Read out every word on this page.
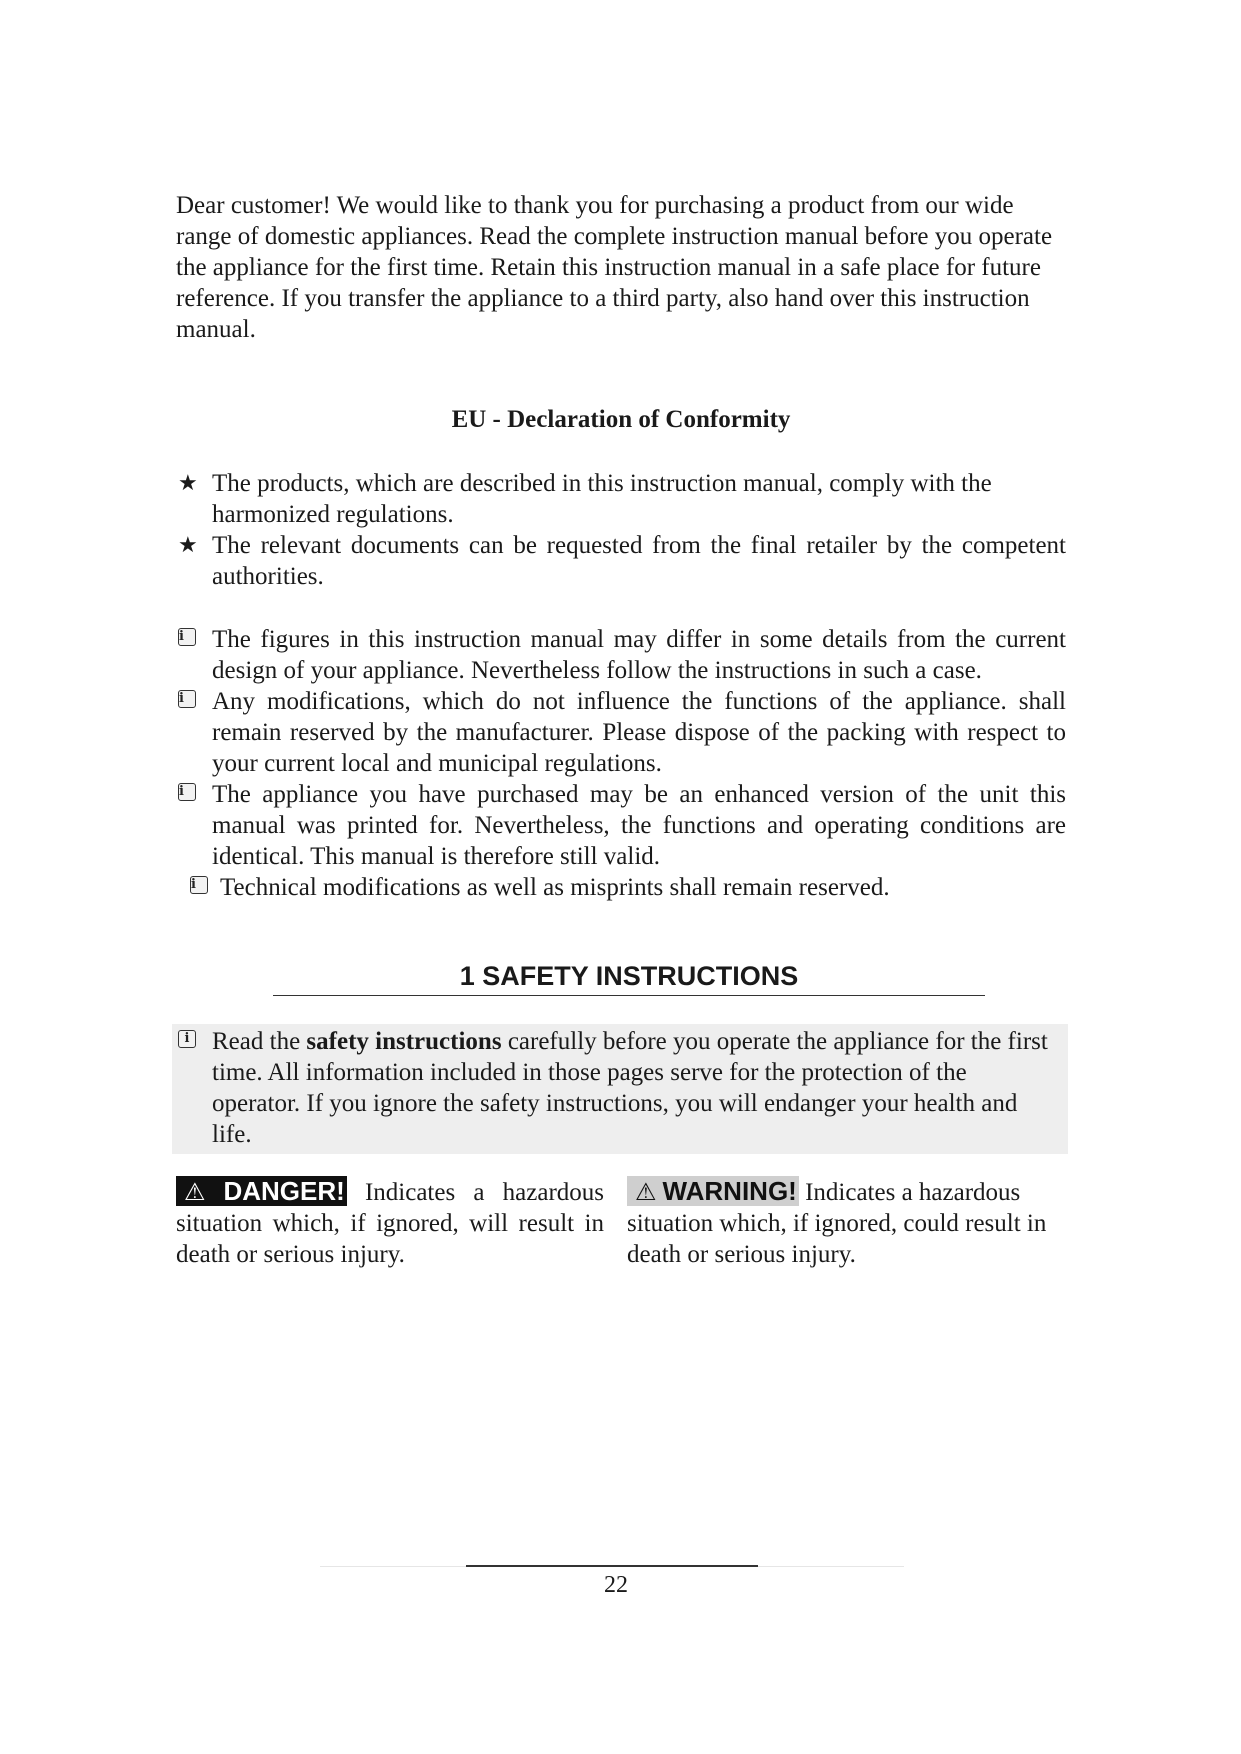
Dear customer! We would like to thank you for purchasing a product from our wide range of domestic appliances. Read the complete instruction manual before you operate the appliance for the first time. Retain this instruction manual in a safe place for future reference. If you transfer the appliance to a third party, also hand over this instruction manual.

EU - Declaration of Conformity
★ The products, which are described in this instruction manual, comply with the harmonized regulations.
★ The relevant documents can be requested from the final retailer by the competent authorities.
i	The figures in this instruction manual may differ in some details from the current design of your appliance. Nevertheless follow the instructions in such a case.
i	Any modifications, which do not influence the functions of the appliance. shall remain reserved by the manufacturer. Please dispose of the packing with respect to your current local and municipal regulations.
i	The appliance you have purchased may be an enhanced version of the unit this manual was printed for. Nevertheless, the functions and operating conditions are identical. This manual is therefore still valid.
i Technical modifications as well as misprints shall remain reserved.
1 SAFETY INSTRUCTIONS

i Read the safety instructions carefully before you operate the appliance for the first time. All information included in those pages serve for the protection of the operator. If you ignore the safety instructions, you will endanger your health and life.

⚠ DANGER! Indicates a hazardous situation which, if ignored, will result in death or serious injury.

⚠ WARNING! Indicates a hazardous situation which, if ignored, could result in death or serious injury.

22
